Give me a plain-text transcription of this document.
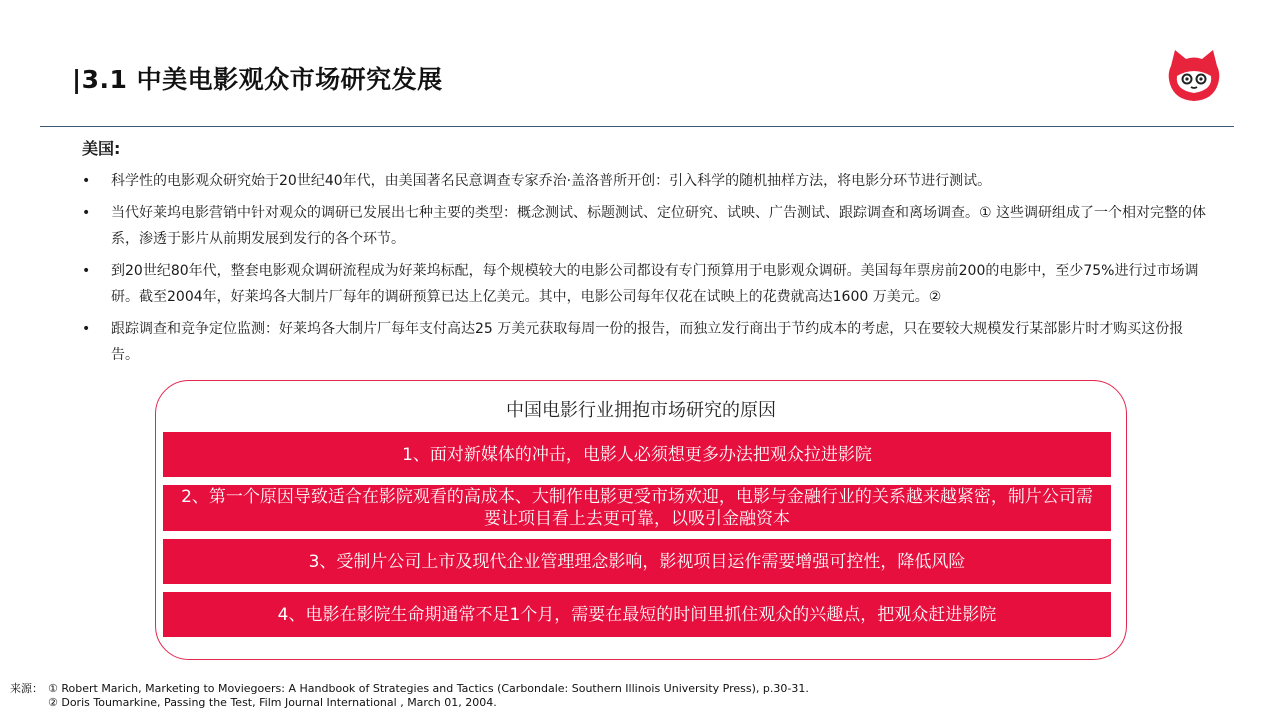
|3.1 中美电影观众市场研究发展
美国:
• 科学性的电影观众研究始于20世纪40年代，由美国著名民意调查专家乔治·盖洛普所开创：引入科学的随机抽样方法，将电影分环节进行测试。
• 当代好莱坞电影营销中针对观众的调研已发展出七种主要的类型：概念测试、标题测试、定位研究、试映、广告测试、跟踪调查和离场调查。① 这些调研组成了一个相对完整的体系，渗透于影片从前期发展到发行的各个环节。
• 到20世纪80年代，整套电影观众调研流程成为好莱坞标配，每个规模较大的电影公司都设有专门预算用于电影观众调研。美国每年票房前200的电影中，至少75%进行过市场调研。截至2004年，好莱坞各大制片厂每年的调研预算已达上亿美元。其中，电影公司每年仅花在试映上的花费就高达1600 万美元。②
• 跟踪调查和竞争定位监测：好莱坞各大制片厂每年支付高达25 万美元获取每周一份的报告，而独立发行商出于节约成本的考虑，只在要较大规模发行某部影片时才购买这份报告。
中国电影行业拥抱市场研究的原因
1、面对新媒体的冲击，电影人必须想更多办法把观众拉进影院
2、第一个原因导致适合在影院观看的高成本、大制作电影更受市场欢迎，电影与金融行业的关系越来越紧密，制片公司需要让项目看上去更可靠，以吸引金融资本
3、受制片公司上市及现代企业管理理念影响，影视项目运作需要增强可控性，降低风险
4、电影在影院生命期通常不足1个月，需要在最短的时间里抓住观众的兴趣点，把观众赶进影院
来源： ① Robert Marich, Marketing to Moviegoers: A Handbook of Strategies and Tactics (Carbondale: Southern Illinois University Press), p.30-31.
② Doris Toumarkine, Passing the Test, Film Journal International , March 01, 2004.
